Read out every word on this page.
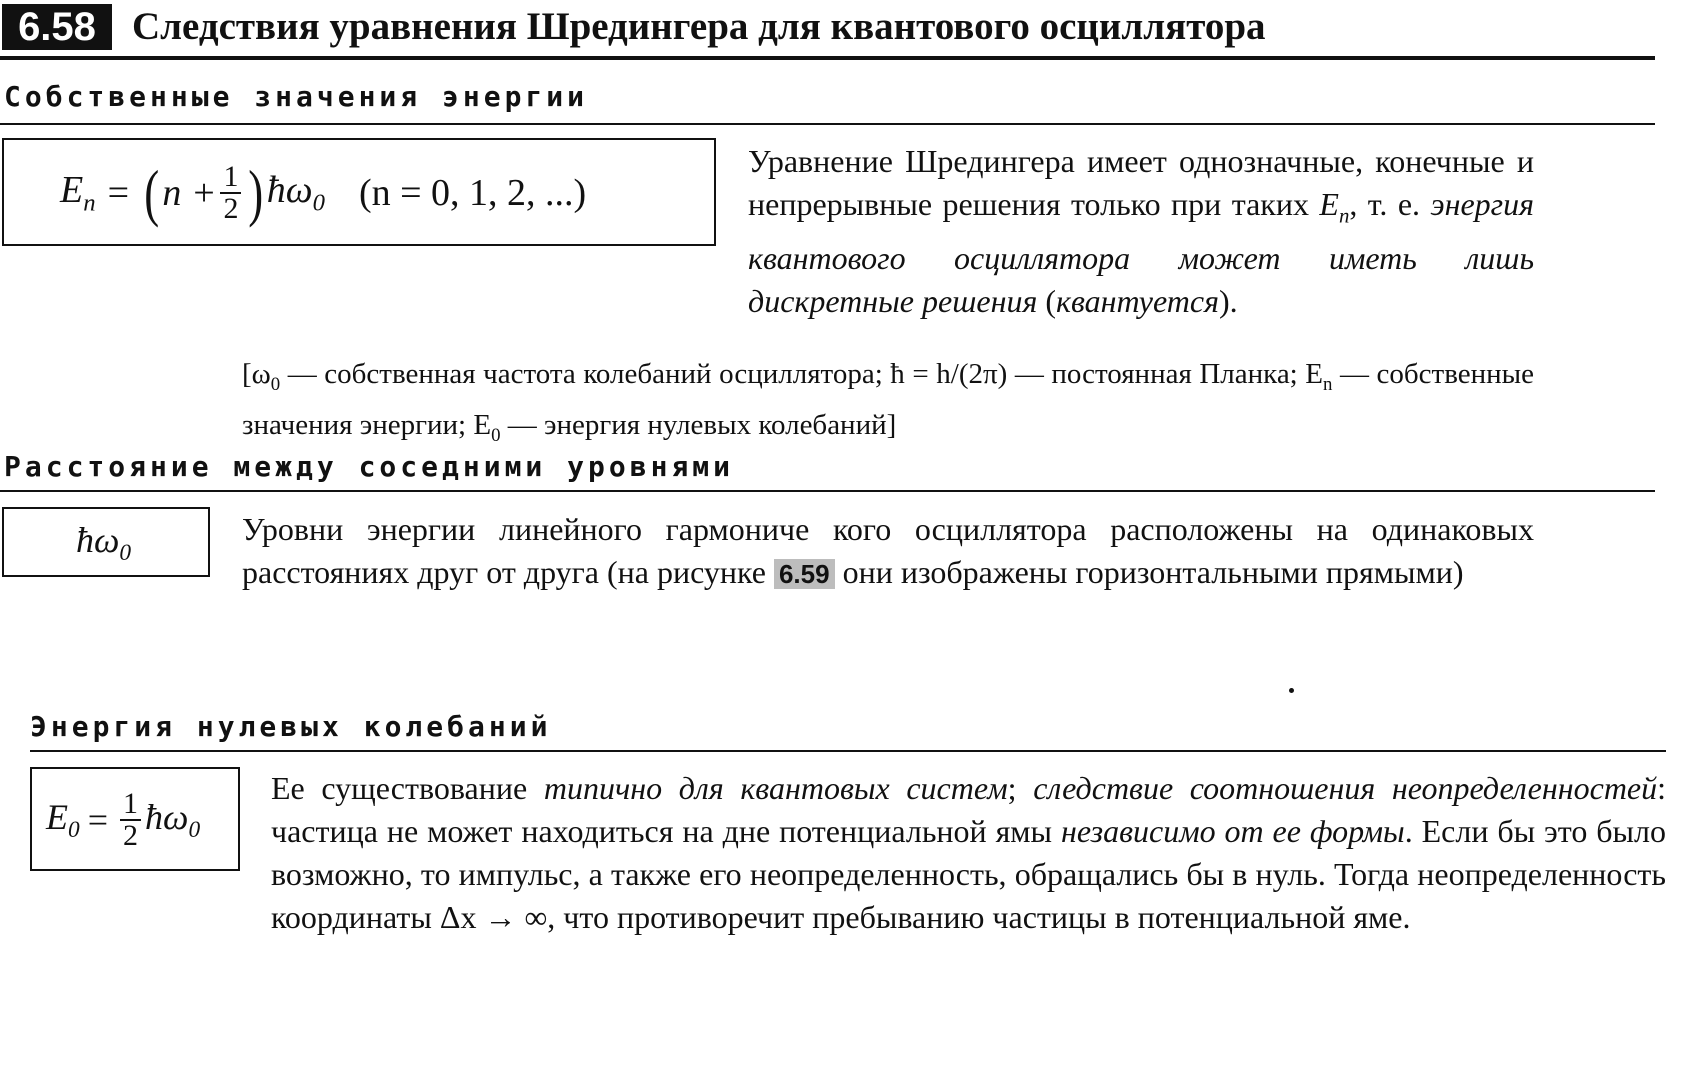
6.58 Следствия уравнения Шредингера для квантового осциллятора
Собственные значения энергии
$E_n$ = ( $n + \frac{1}{2}$ ) $ħ\omega_0$ (n = 0, 1, 2, ...)
Уравнение Шредингера имеет однозначные, конечные и непрерывные решения только при таких $E_n$, т. е. энергия квантового осциллятора может иметь лишь дискретные решения (квантуется).
[$\omega_0$ — собственная частота колебаний осциллятора; ħ = h/(2π) — постоянная Планка; $E_n$ — собственные значения энергии; $E_0$ — энергия нулевых колебаний]
Расстояние между соседними уровнями
$ħ\omega_0$
Уровни энергии линейного гармониче кого осциллятора расположены на одинаковых расстояниях друг от друга (на рисунке 6.59 они изображены горизонтальными прямыми)
Энергия нулевых колебаний
$E_0 = \frac{1}{2}$ $ħ\omega_0$
Ее существование типично для квантовых систем; следствие соотношения неопределенностей: частица не может находиться на дне потенциальной ямы независимо от ее формы. Если бы это было возможно, то импульс, а также его неопределенность, обращались бы в нуль. Тогда неопределенность координаты Δx → ∞, что противоречит пребыванию частицы в потенциальной яме.
